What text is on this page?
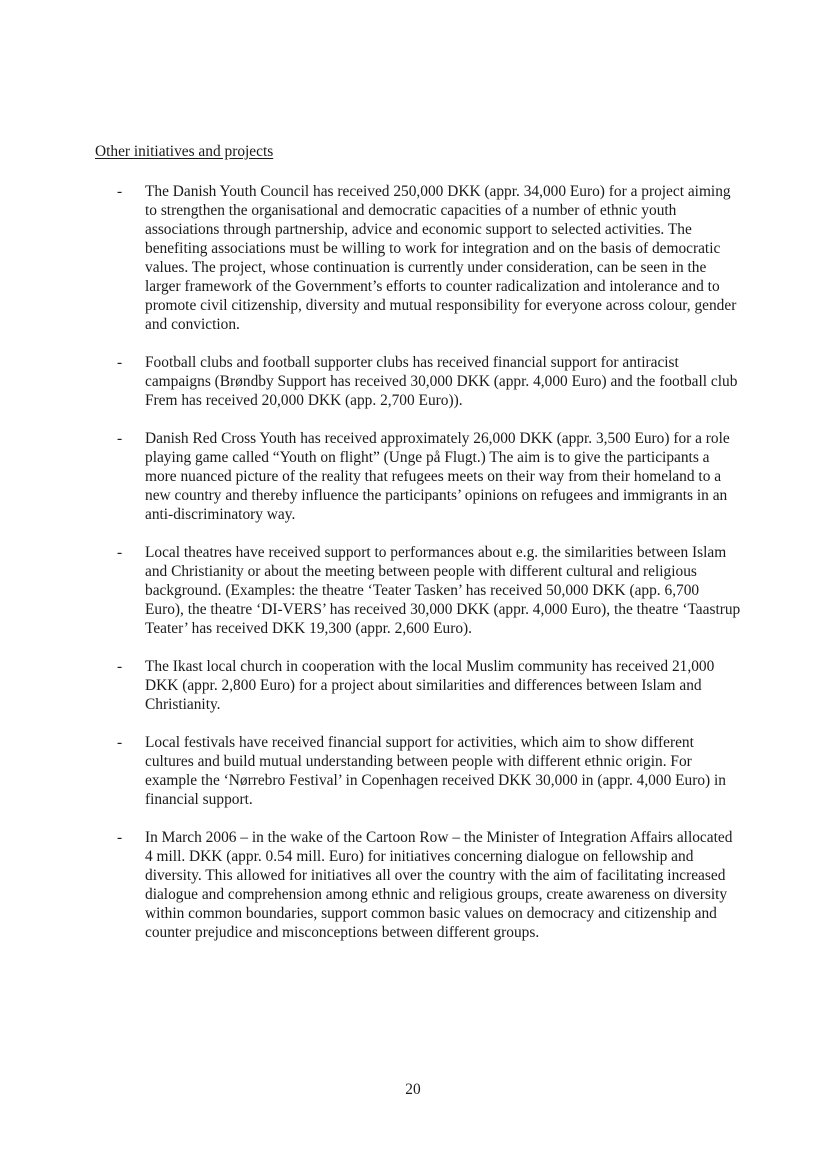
Other initiatives and projects
- The Danish Youth Council has received 250,000 DKK (appr. 34,000 Euro) for a project aiming to strengthen the organisational and democratic capacities of a number of ethnic youth associations through partnership, advice and economic support to selected activities. The benefiting associations must be willing to work for integration and on the basis of democratic values. The project, whose continuation is currently under consideration, can be seen in the larger framework of the Government’s efforts to counter radicalization and intolerance and to promote civil citizenship, diversity and mutual responsibility for everyone across colour, gender and conviction.
- Football clubs and football supporter clubs has received financial support for antiracist campaigns (Brøndby Support has received 30,000 DKK (appr. 4,000 Euro) and the football club Frem has received 20,000 DKK (app. 2,700 Euro)).
- Danish Red Cross Youth has received approximately 26,000 DKK (appr. 3,500 Euro) for a role playing game called “Youth on flight” (Unge på Flugt.) The aim is to give the participants a more nuanced picture of the reality that refugees meets on their way from their homeland to a new country and thereby influence the participants’ opinions on refugees and immigrants in an anti-discriminatory way.
- Local theatres have received support to performances about e.g. the similarities between Islam and Christianity or about the meeting between people with different cultural and religious background. (Examples: the theatre ‘Teater Tasken’ has received 50,000 DKK (app. 6,700 Euro), the theatre ‘DI-VERS’ has received 30,000 DKK (appr. 4,000 Euro), the theatre ‘Taastrup Teater’ has received DKK 19,300 (appr. 2,600 Euro).
- The Ikast local church in cooperation with the local Muslim community has received 21,000 DKK (appr. 2,800 Euro) for a project about similarities and differences between Islam and Christianity.
- Local festivals have received financial support for activities, which aim to show different cultures and build mutual understanding between people with different ethnic origin. For example the ‘Nørrebro Festival’ in Copenhagen received DKK 30,000 in (appr. 4,000 Euro) in financial support.
- In March 2006 – in the wake of the Cartoon Row – the Minister of Integration Affairs allocated 4 mill. DKK (appr. 0.54 mill. Euro) for initiatives concerning dialogue on fellowship and diversity. This allowed for initiatives all over the country with the aim of facilitating increased dialogue and comprehension among ethnic and religious groups, create awareness on diversity within common boundaries, support common basic values on democracy and citizenship and counter prejudice and misconceptions between different groups.
20
